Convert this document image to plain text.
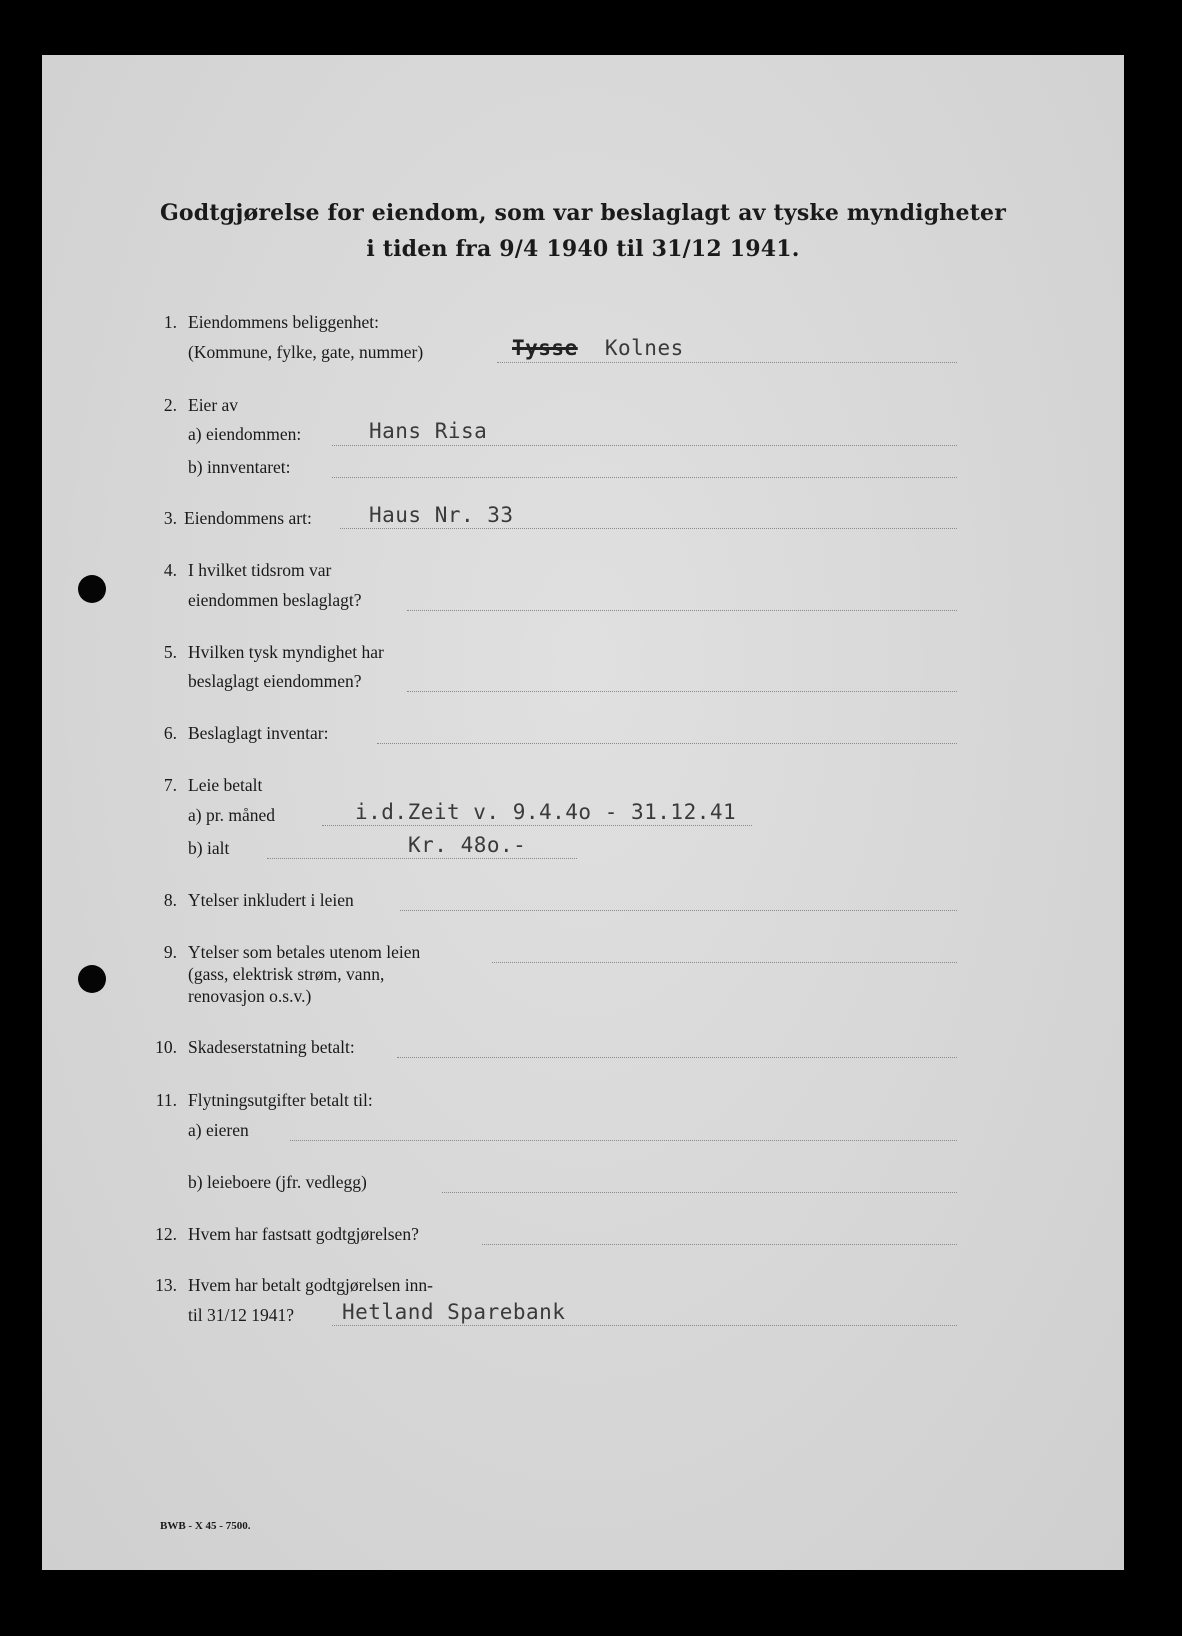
Godtgjørelse for eiendom, som var beslaglagt av tyske myndigheter
i tiden fra 9/4 1940 til 31/12 1941.
1. Eiendommens beliggenhet:
(Kommune, fylke, gate, nummer)	Tysse Kolnes
2. Eier av
a) eiendommen:	Hans Risa
b) innventaret:
3. Eiendommens art:	Haus Nr. 33
4. I hvilket tidsrom var
eiendommen beslaglagt?
5. Hvilken tysk myndighet har
beslaglagt eiendommen?
6. Beslaglagt inventar:
7. Leie betalt
a) pr. måned	i.d.Zeit v. 9.4.4o - 31.12.41
b) ialt	Kr. 48o.-
8. Ytelser inkludert i leien
9. Ytelser som betales utenom leien
(gass, elektrisk strøm, vann,
renovasjon o.s.v.)
10. Skadeserstatning betalt:
11. Flytningsutgifter betalt til:
a) eieren
b) leieboere (jfr. vedlegg)
12. Hvem har fastsatt godtgjørelsen?
13. Hvem har betalt godtgjørelsen inn-
til 31/12 1941? Hetland Sparebank
BWB - X 45 - 7500.
